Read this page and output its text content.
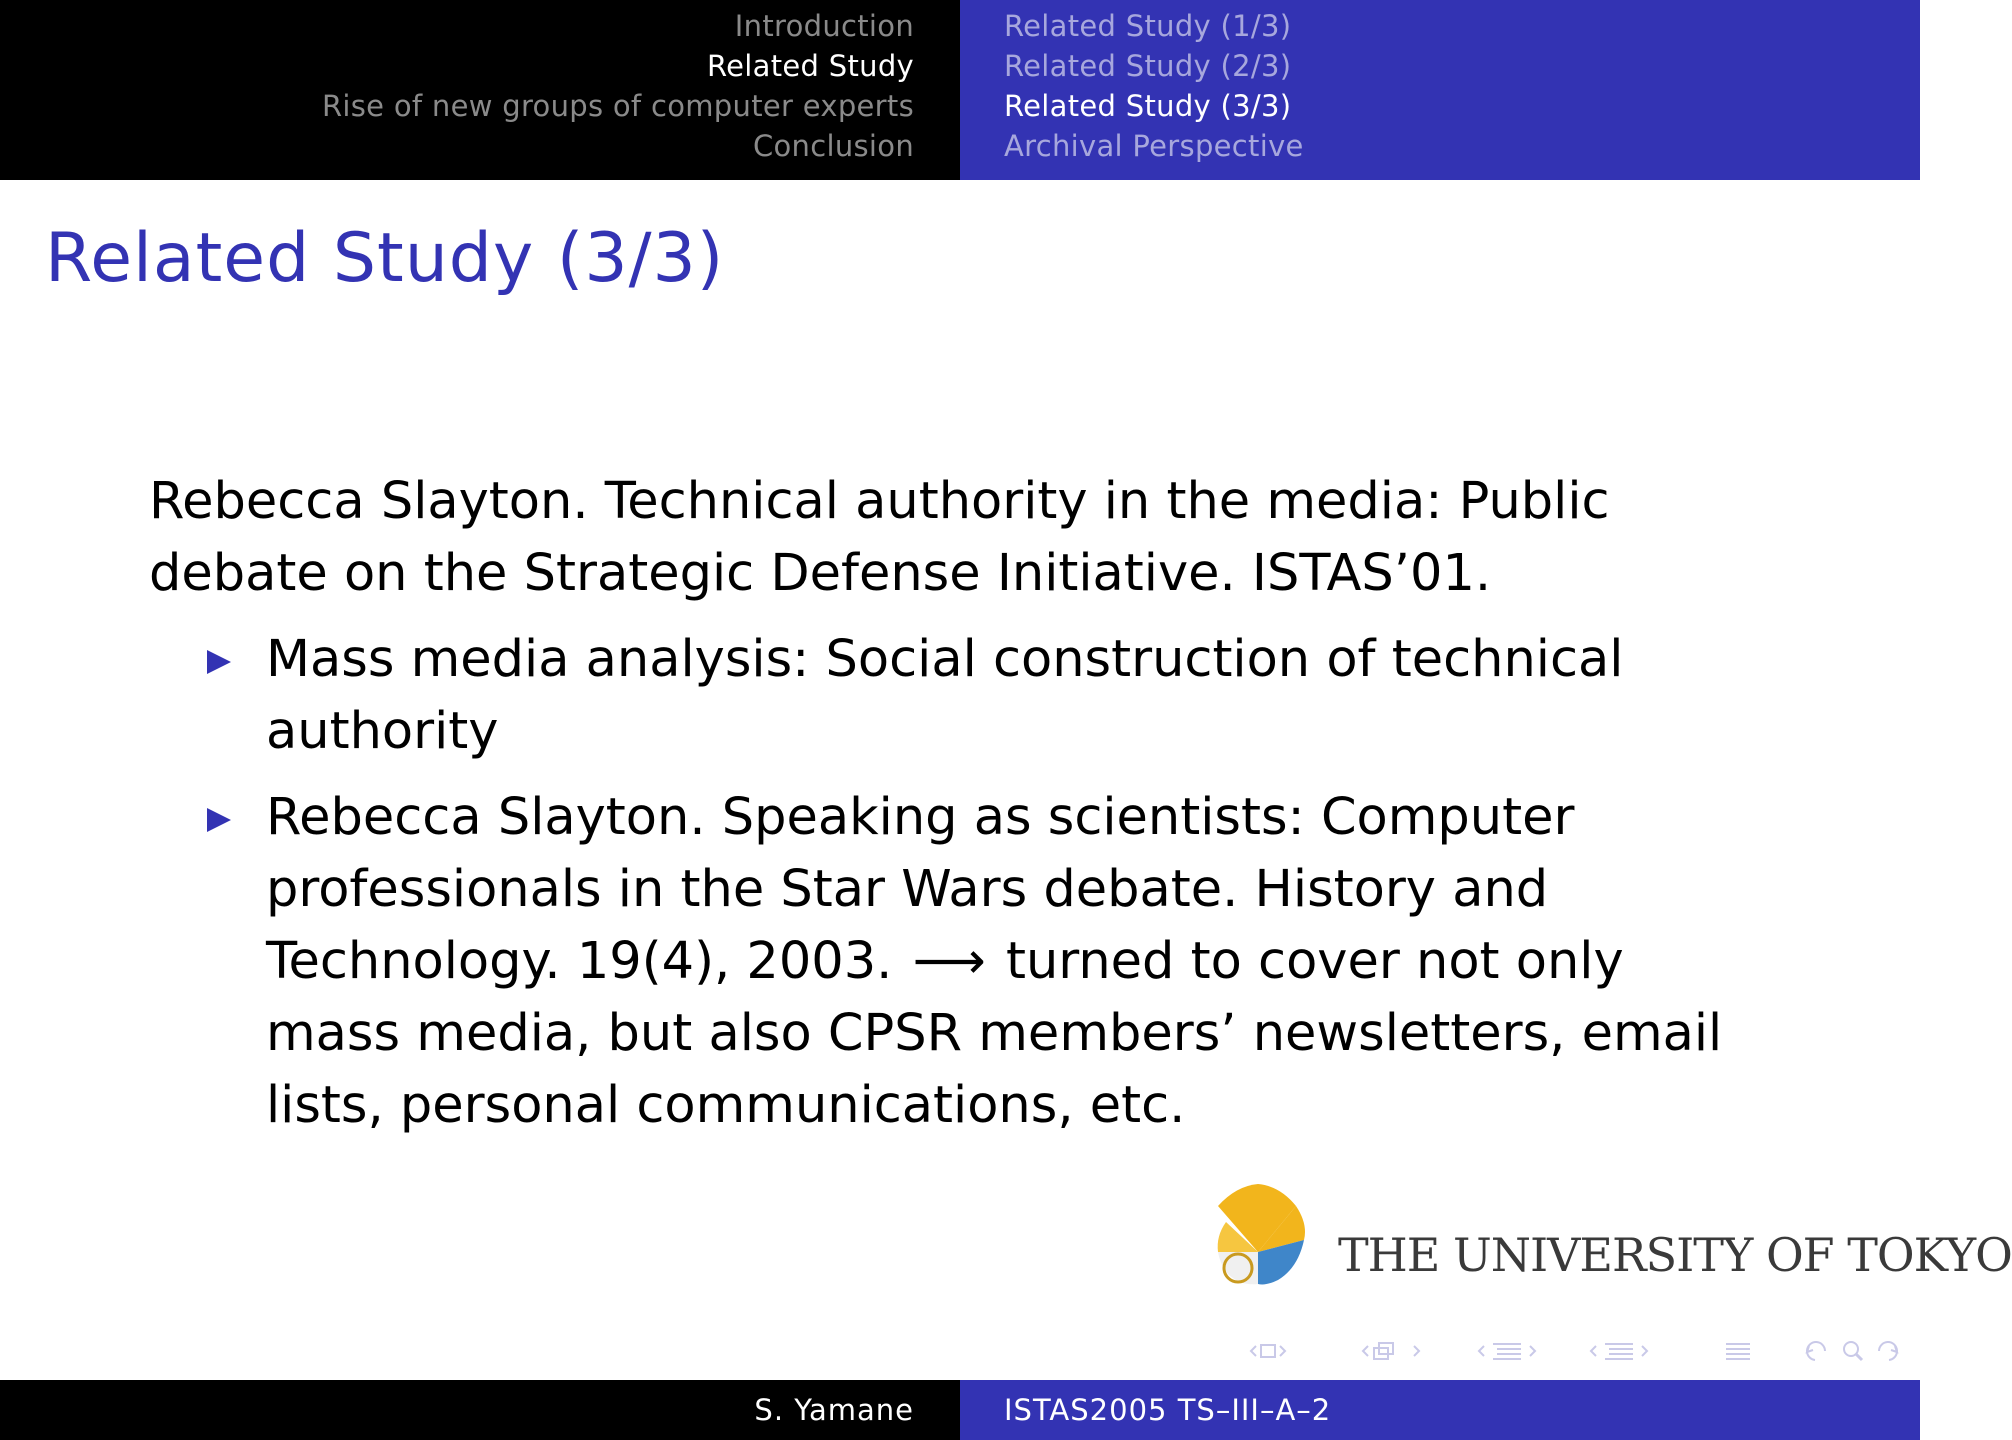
Introduction
Related Study
Rise of new groups of computer experts
Conclusion
Related Study (1/3)
Related Study (2/3)
Related Study (3/3)
Archival Perspective
Related Study (3/3)

Rebecca Slayton. Technical authority in the media: Public debate on the Strategic Defense Initiative. ISTAS’01.

Mass media analysis: Social construction of technical authority
Rebecca Slayton. Speaking as scientists: Computer professionals in the Star Wars debate. History and Technology. 19(4), 2003. ⟶ turned to cover not only mass media, but also CPSR members’ newsletters, email lists, personal communications, etc.
THE UNIVERSITY OF TOKYO
S. Yamane	ISTAS2005 TS–III–A–2
